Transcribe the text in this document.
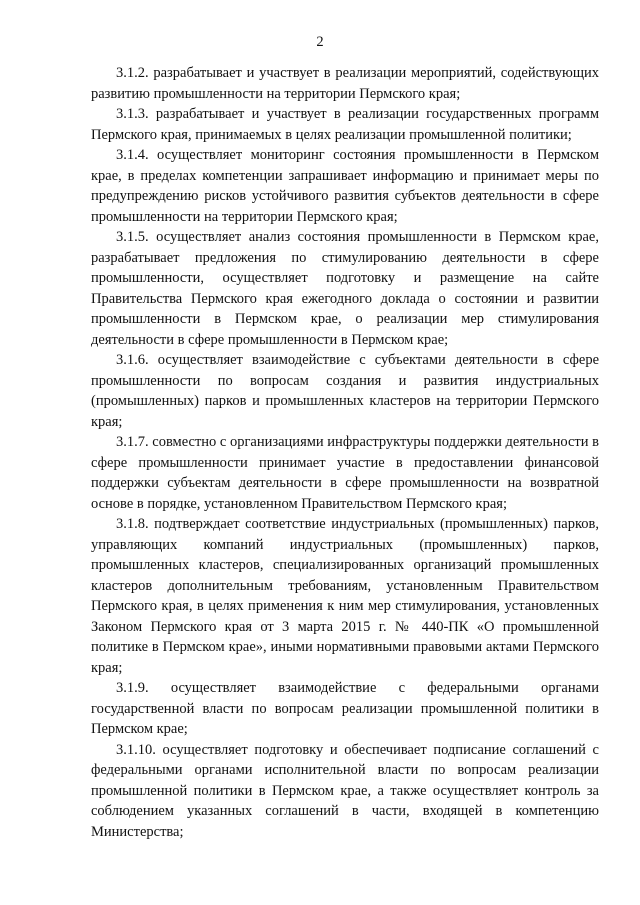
2

3.1.2. разрабатывает и участвует в реализации мероприятий, содействующих развитию промышленности на территории Пермского края;

3.1.3. разрабатывает и участвует в реализации государственных программ Пермского края, принимаемых в целях реализации промышленной политики;

3.1.4. осуществляет мониторинг состояния промышленности в Пермском крае, в пределах компетенции запрашивает информацию и принимает меры по предупреждению рисков устойчивого развития субъектов деятельности в сфере промышленности на территории Пермского края;

3.1.5. осуществляет анализ состояния промышленности в Пермском крае, разрабатывает предложения по стимулированию деятельности в сфере промышленности, осуществляет подготовку и размещение на сайте Правительства Пермского края ежегодного доклада о состоянии и развитии промышленности в Пермском крае, о реализации мер стимулирования деятельности в сфере промышленности в Пермском крае;

3.1.6. осуществляет взаимодействие с субъектами деятельности в сфере промышленности по вопросам создания и развития индустриальных (промышленных) парков и промышленных кластеров на территории Пермского края;

3.1.7. совместно с организациями инфраструктуры поддержки деятельности в сфере промышленности принимает участие в предоставлении финансовой поддержки субъектам деятельности в сфере промышленности на возвратной основе в порядке, установленном Правительством Пермского края;

3.1.8. подтверждает соответствие индустриальных (промышленных) парков, управляющих компаний индустриальных (промышленных) парков, промышленных кластеров, специализированных организаций промышленных кластеров дополнительным требованиям, установленным Правительством Пермского края, в целях применения к ним мер стимулирования, установленных Законом Пермского края от 3 марта 2015 г. № 440-ПК «О промышленной политике в Пермском крае», иными нормативными правовыми актами Пермского края;

3.1.9. осуществляет взаимодействие с федеральными органами государственной власти по вопросам реализации промышленной политики в Пермском крае;

3.1.10. осуществляет подготовку и обеспечивает подписание соглашений с федеральными органами исполнительной власти по вопросам реализации промышленной политики в Пермском крае, а также осуществляет контроль за соблюдением указанных соглашений в части, входящей в компетенцию Министерства;
